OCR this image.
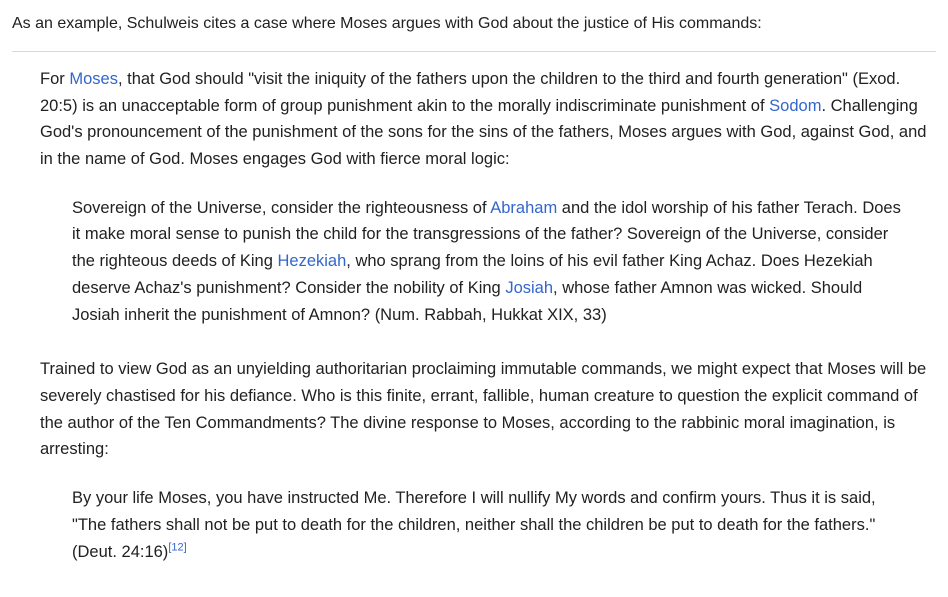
As an example, Schulweis cites a case where Moses argues with God about the justice of His commands:

For Moses, that God should "visit the iniquity of the fathers upon the children to the third and fourth generation" (Exod. 20:5) is an unacceptable form of group punishment akin to the morally indiscriminate punishment of Sodom. Challenging God's pronouncement of the punishment of the sons for the sins of the fathers, Moses argues with God, against God, and in the name of God. Moses engages God with fierce moral logic:

Sovereign of the Universe, consider the righteousness of Abraham and the idol worship of his father Terach. Does it make moral sense to punish the child for the transgressions of the father? Sovereign of the Universe, consider the righteous deeds of King Hezekiah, who sprang from the loins of his evil father King Achaz. Does Hezekiah deserve Achaz's punishment? Consider the nobility of King Josiah, whose father Amnon was wicked. Should Josiah inherit the punishment of Amnon? (Num. Rabbah, Hukkat XIX, 33)

Trained to view God as an unyielding authoritarian proclaiming immutable commands, we might expect that Moses will be severely chastised for his defiance. Who is this finite, errant, fallible, human creature to question the explicit command of the author of the Ten Commandments? The divine response to Moses, according to the rabbinic moral imagination, is arresting:

By your life Moses, you have instructed Me. Therefore I will nullify My words and confirm yours. Thus it is said, "The fathers shall not be put to death for the children, neither shall the children be put to death for the fathers." (Deut. 24:16)[12]
